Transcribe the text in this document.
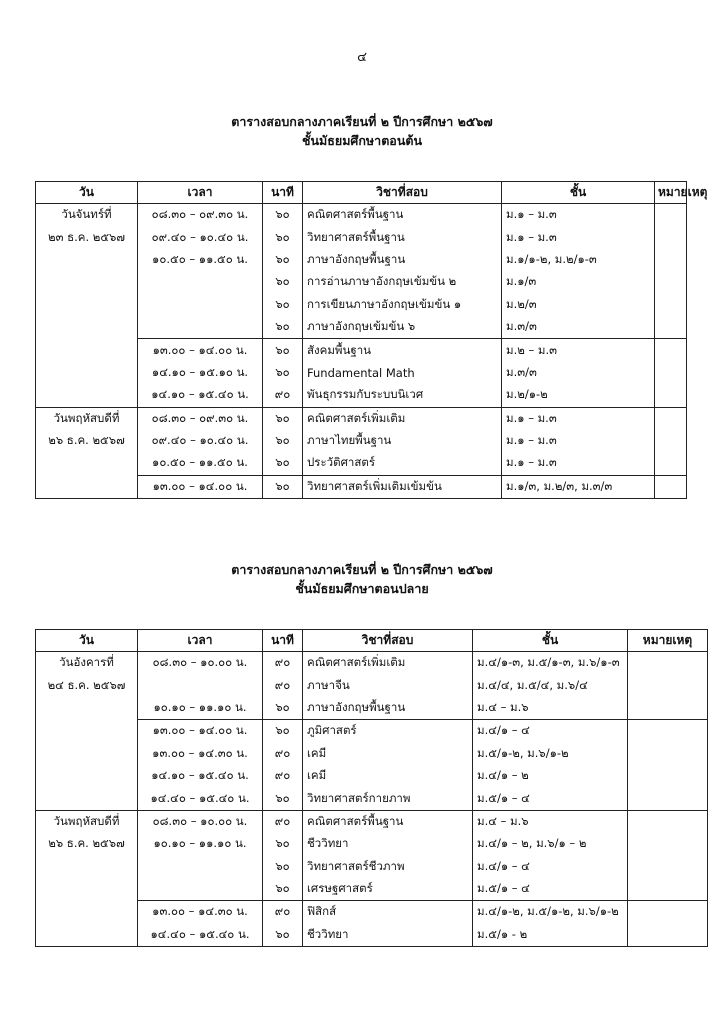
๔
ตารางสอบกลางภาคเรียนที่ ๒ ปีการศึกษา ๒๕๖๗
ชั้นมัธยมศึกษาตอนต้น
วัน	เวลา	นาที	วิชาที่สอบ	ชั้น	หมายเหตุ
วันจันทร์ที่	๐๘.๓๐ – ๐๙.๓๐ น.	๖๐	คณิตศาสตร์พื้นฐาน	ม.๑ – ม.๓	
๒๓ ธ.ค. ๒๕๖๗	๐๙.๔๐ – ๑๐.๔๐ น.	๖๐	วิทยาศาสตร์พื้นฐาน	ม.๑ – ม.๓	
	๑๐.๕๐ – ๑๑.๕๐ น.	๖๐	ภาษาอังกฤษพื้นฐาน	ม.๑/๑-๒, ม.๒/๑-๓	
		๖๐	การอ่านภาษาอังกฤษเข้มข้น ๒	ม.๑/๓	
		๖๐	การเขียนภาษาอังกฤษเข้มข้น ๑	ม.๒/๓	
		๖๐	ภาษาอังกฤษเข้มข้น ๖	ม.๓/๓	
	๑๓.๐๐ – ๑๔.๐๐ น.	๖๐	สังคมพื้นฐาน	ม.๒ – ม.๓	
	๑๔.๑๐ – ๑๕.๑๐ น.	๖๐	Fundamental Math	ม.๓/๓	
	๑๔.๑๐ – ๑๕.๔๐ น.	๙๐	พันธุกรรมกับระบบนิเวศ	ม.๒/๑-๒	
วันพฤหัสบดีที่	๐๘.๓๐ – ๐๙.๓๐ น.	๖๐	คณิตศาสตร์เพิ่มเติม	ม.๑ – ม.๓	
๒๖ ธ.ค. ๒๕๖๗	๐๙.๔๐ – ๑๐.๔๐ น.	๖๐	ภาษาไทยพื้นฐาน	ม.๑ – ม.๓	
	๑๐.๕๐ – ๑๑.๕๐ น.	๖๐	ประวัติศาสตร์	ม.๑ – ม.๓	
	๑๓.๐๐ – ๑๔.๐๐ น.	๖๐	วิทยาศาสตร์เพิ่มเติมเข้มข้น	ม.๑/๓, ม.๒/๓, ม.๓/๓	
ตารางสอบกลางภาคเรียนที่ ๒ ปีการศึกษา ๒๕๖๗
ชั้นมัธยมศึกษาตอนปลาย
วัน	เวลา	นาที	วิชาที่สอบ	ชั้น	หมายเหตุ
วันอังคารที่	๐๘.๓๐ – ๑๐.๐๐ น.	๙๐	คณิตศาสตร์เพิ่มเติม	ม.๔/๑-๓, ม.๕/๑-๓, ม.๖/๑-๓	
๒๔ ธ.ค. ๒๕๖๗		๙๐	ภาษาจีน	ม.๔/๔, ม.๕/๔, ม.๖/๔	
	๑๐.๑๐ – ๑๑.๑๐ น.	๖๐	ภาษาอังกฤษพื้นฐาน	ม.๔ – ม.๖	
	๑๓.๐๐ – ๑๔.๐๐ น.	๖๐	ภูมิศาสตร์	ม.๔/๑ – ๔	
	๑๓.๐๐ – ๑๔.๓๐ น.	๙๐	เคมี	ม.๕/๑-๒, ม.๖/๑-๒	
	๑๔.๑๐ – ๑๕.๔๐ น.	๙๐	เคมี	ม.๔/๑ – ๒	
	๑๔.๔๐ – ๑๕.๔๐ น.	๖๐	วิทยาศาสตร์กายภาพ	ม.๕/๑ – ๔	
วันพฤหัสบดีที่	๐๘.๓๐ – ๑๐.๐๐ น.	๙๐	คณิตศาสตร์พื้นฐาน	ม.๔ – ม.๖	
๒๖ ธ.ค. ๒๕๖๗	๑๐.๑๐ – ๑๑.๑๐ น.	๖๐	ชีววิทยา	ม.๔/๑ – ๒, ม.๖/๑ – ๒	
		๖๐	วิทยาศาสตร์ชีวภาพ	ม.๔/๑ – ๔	
		๖๐	เศรษฐศาสตร์	ม.๕/๑ – ๔	
	๑๓.๐๐ – ๑๔.๓๐ น.	๙๐	ฟิสิกส์	ม.๔/๑-๒, ม.๕/๑-๒, ม.๖/๑-๒	
	๑๔.๔๐ – ๑๕.๔๐ น.	๖๐	ชีววิทยา	ม.๕/๑ - ๒	
